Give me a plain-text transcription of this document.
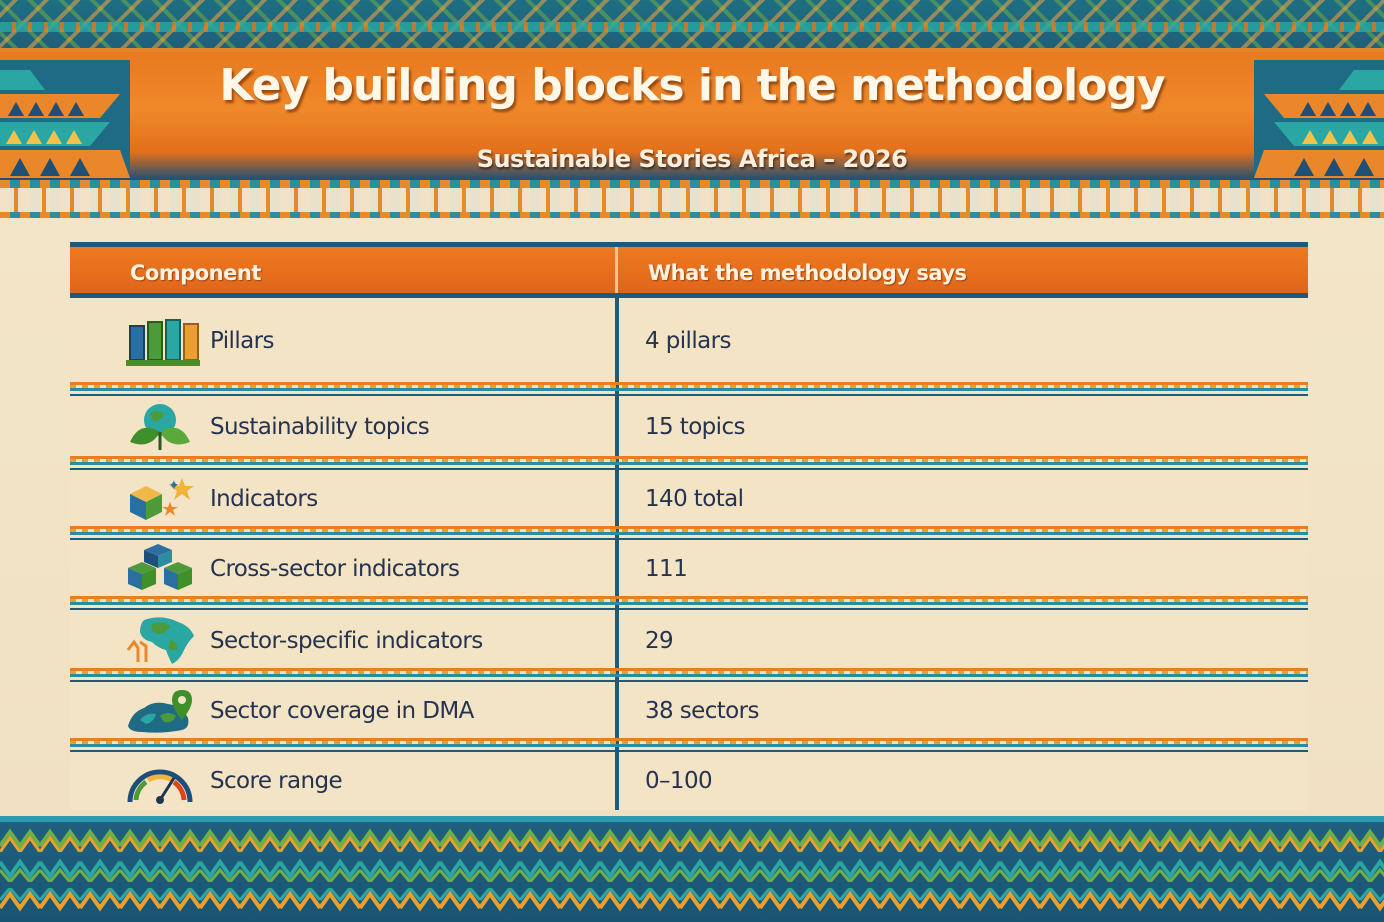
Key building blocks in the methodology
Sustainable Stories Africa – 2026
Component	What the methodology says
Pillars	4 pillars
Sustainability topics	15 topics
✦ Indicators	140 total
Cross-sector indicators	111
Sector-specific indicators	29
Sector coverage in DMA	38 sectors
Score range	0–100
